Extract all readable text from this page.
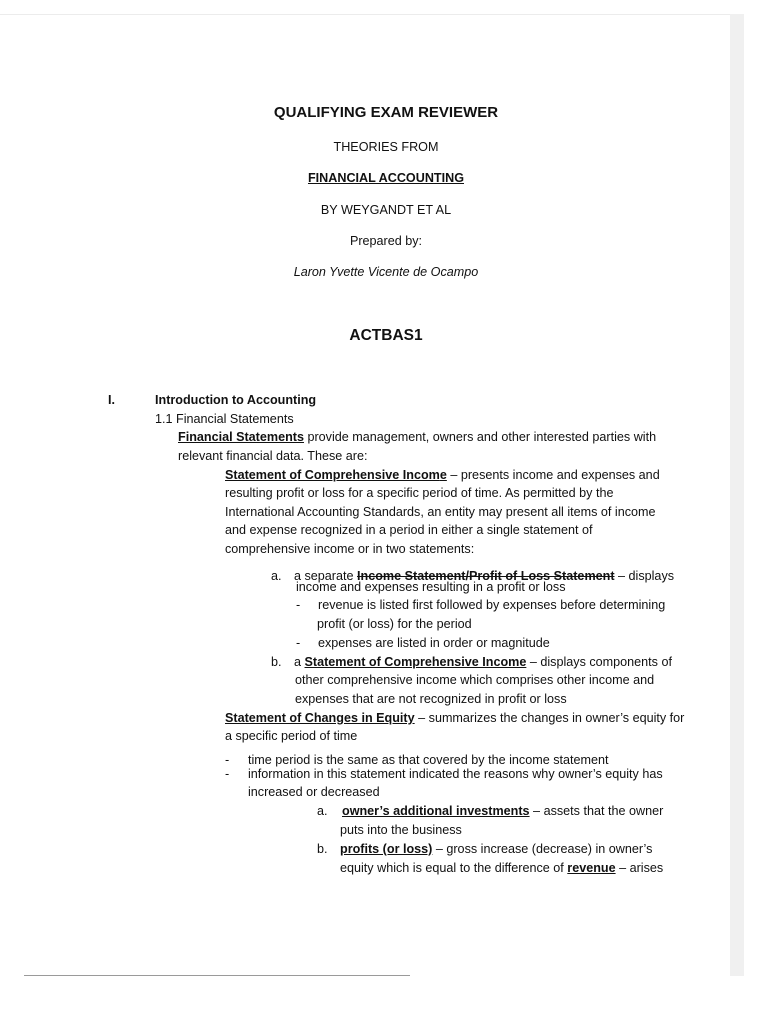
QUALIFYING EXAM REVIEWER
THEORIES FROM
FINANCIAL ACCOUNTING
BY WEYGANDT ET AL
Prepared by:
Laron Yvette Vicente de Ocampo
ACTBAS1
I.	Introduction to Accounting
1.1 Financial Statements
Financial Statements provide management, owners and other interested parties with
relevant financial data. These are:
Statement of Comprehensive Income – presents income and expenses and
resulting profit or loss for a specific period of time. As permitted by the
International Accounting Standards, an entity may present all items of income
and expense recognized in a period in either a single statement of
comprehensive income or in two statements:
a. a separate Income Statement/Profit of Loss Statement – displays
income and expenses resulting in a profit or loss
- revenue is listed first followed by expenses before determining
profit (or loss) for the period
- expenses are listed in order or magnitude
b. a Statement of Comprehensive Income – displays components of
other comprehensive income which comprises other income and
expenses that are not recognized in profit or loss
Statement of Changes in Equity – summarizes the changes in owner’s equity for
a specific period of time
- time period is the same as that covered by the income statement
- information in this statement indicated the reasons why owner’s equity has
increased or decreased
a. owner’s additional investments – assets that the owner
puts into the business
b. profits (or loss) – gross increase (decrease) in owner’s
equity which is equal to the difference of revenue – arises
